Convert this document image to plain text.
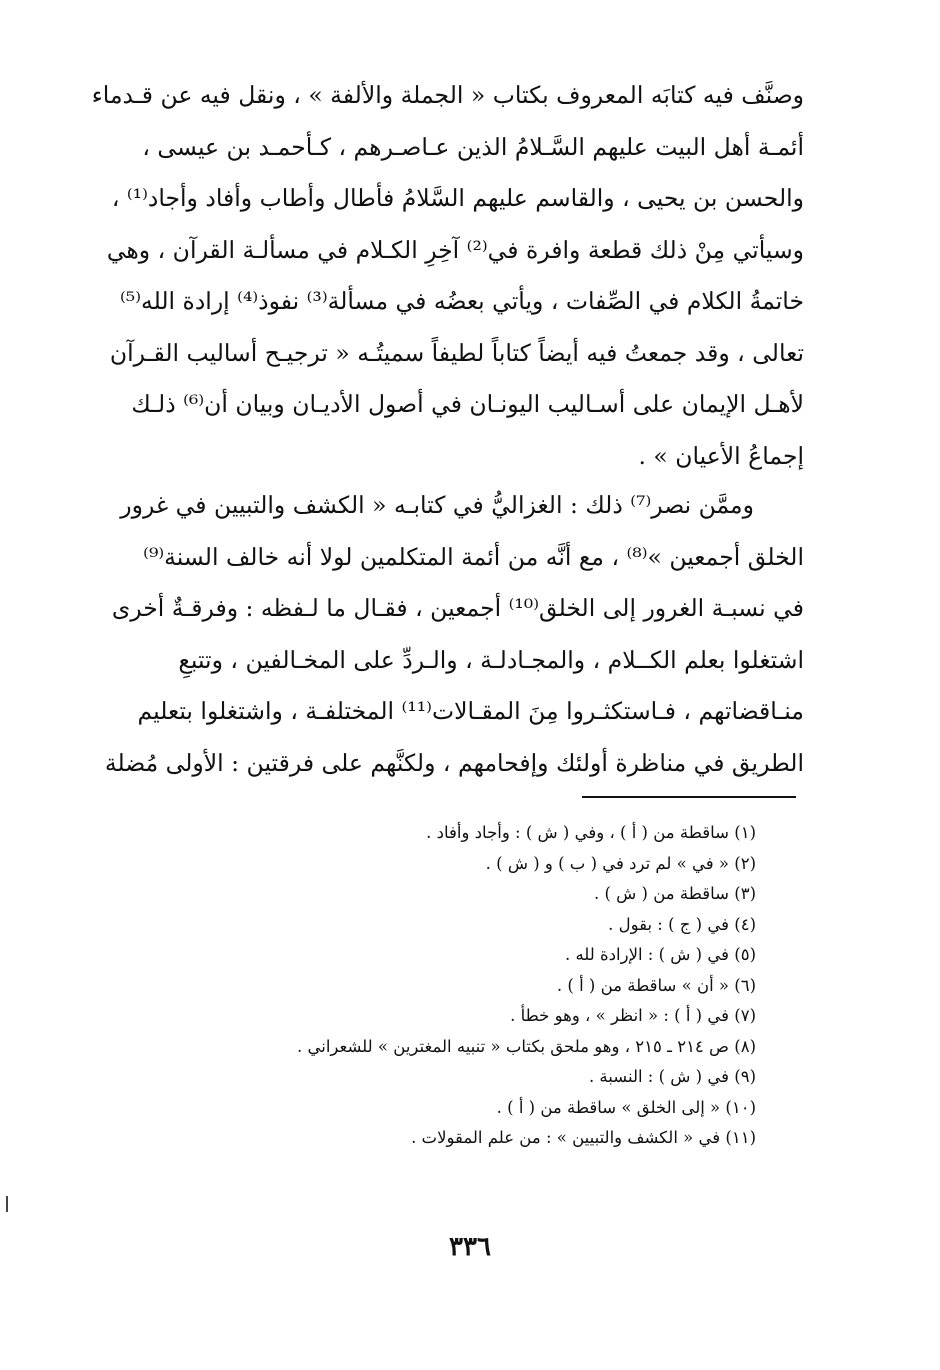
وصنَّف فيه كتابَه المعروف بكتاب « الجملة والألفة » ، ونقل فيه عن قـدماء
أئمـة أهل البيت عليهم السَّـلامُ الذين عـاصـرهم ، كـأحمـد بن عيسى ،
والحسن بن يحيى ، والقاسم عليهم السَّلامُ فأطال وأطاب وأفاد وأجاد⁽¹⁾ ،
وسيأتي مِنْ ذلك قطعة وافرة في⁽²⁾ آخِرِ الكـلام في مسألـة القرآن ، وهي
خاتمةُ الكلام في الصِّفات ، ويأتي بعضُه في مسألة⁽³⁾ نفوذ⁽⁴⁾ إرادة الله⁽⁵⁾
تعالى ، وقد جمعتُ فيه أيضاً كتاباً لطيفاً سميتُـه « ترجيـح أساليب القـرآن
لأهـل الإيمان على أسـاليب اليونـان في أصول الأديـان وبيان أن⁽⁶⁾ ذلـك
إجماعُ الأعيان » .
وممَّن نصر⁽⁷⁾ ذلك : الغزاليُّ في كتابـه « الكشف والتبيين في غرور
الخلق أجمعين »⁽⁸⁾ ، مع أنَّه من أئمة المتكلمين لولا أنه خالف السنة⁽⁹⁾
في نسبـة الغرور إلى الخلق⁽¹⁰⁾ أجمعين ، فقـال ما لـفظه : وفرقـةٌ أخرى
اشتغلوا بعلم الكــلام ، والمجـادلـة ، والـردِّ على المخـالفين ، وتتبعِ
منـاقضاتهم ، فـاستكثـروا مِنَ المقـالات⁽¹¹⁾ المختلفـة ، واشتغلوا بتعليم
الطريق في مناظرة أولئك وإفحامهم ، ولكنَّهم على فرقتين : الأولى مُضلة
(١) ساقطة من ( أ ) ، وفي ( ش ) : وأجاد وأفاد .
(٢) « في » لم ترد في ( ب ) و ( ش ) .
(٣) ساقطة من ( ش ) .
(٤) في ( ج ) : بقول .
(٥) في ( ش ) : الإرادة لله .
(٦) « أن » ساقطة من ( أ ) .
(٧) في ( أ ) : « انظر » ، وهو خطأ .
(٨) ص ٢١٤ ـ ٢١٥ ، وهو ملحق بكتاب « تنبيه المغترين » للشعراني .
(٩) في ( ش ) : النسبة .
(١٠) « إلى الخلق » ساقطة من ( أ ) .
(١١) في « الكشف والتبيين » : من علم المقولات .
٣٣٦
